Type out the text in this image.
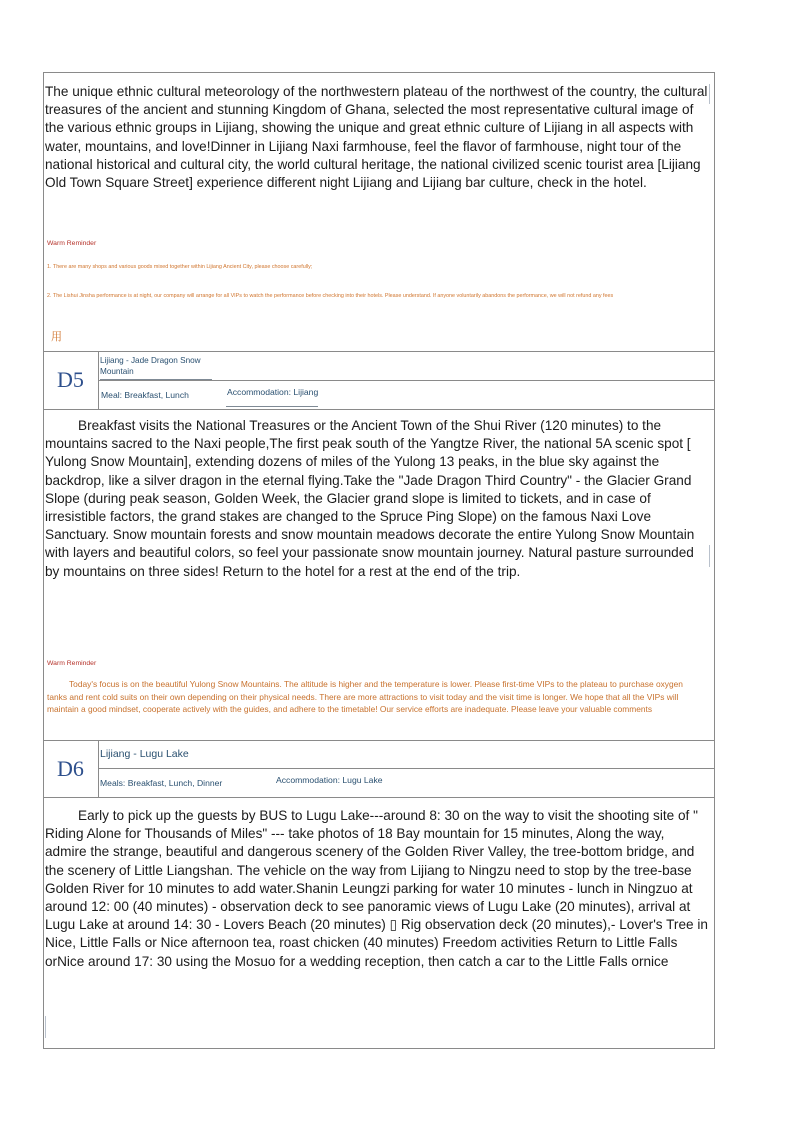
The unique ethnic cultural meteorology of the northwestern plateau of the northwest of the country, the cultural treasures of the ancient and stunning Kingdom of Ghana, selected the most representative cultural image of the various ethnic groups in Lijiang, showing the unique and great ethnic culture of Lijiang in all aspects with water, mountains, and love!Dinner in Lijiang Naxi farmhouse, feel the flavor of farmhouse, night tour of the national historical and cultural city, the world cultural heritage, the national civilized scenic tourist area [Lijiang Old Town Square Street] experience different night Lijiang and Lijiang bar culture, check in the hotel.
Warm Reminder
1. There are many shops and various goods mixed together within Lijiang Ancient City, please choose carefully;
2. The Lishui Jinsha performance is at night, our company will arrange for all VIPs to watch the performance before checking into their hotels. Please understand. If anyone voluntarily abandons the performance, we will not refund any fees
用
D5
Lijiang - Jade Dragon Snow Mountain
Meal: Breakfast, Lunch	Accommodation: Lijiang
Breakfast visits the National Treasures or the Ancient Town of the Shui River (120 minutes) to the mountains sacred to the Naxi people,The first peak south of the Yangtze River, the national 5A scenic spot [ Yulong Snow Mountain], extending dozens of miles of the Yulong 13 peaks, in the blue sky against the backdrop, like a silver dragon in the eternal flying.Take the "Jade Dragon Third Country" - the Glacier Grand Slope (during peak season, Golden Week, the Glacier grand slope is limited to tickets, and in case of irresistible factors, the grand stakes are changed to the Spruce Ping Slope) on the famous Naxi Love Sanctuary. Snow mountain forests and snow mountain meadows decorate the entire Yulong Snow Mountain with layers and beautiful colors, so feel your passionate snow mountain journey. Natural pasture surrounded by mountains on three sides! Return to the hotel for a rest at the end of the trip.
Warm Reminder
Today's focus is on the beautiful Yulong Snow Mountains. The altitude is higher and the temperature is lower. Please first-time VIPs to the plateau to purchase oxygen tanks and rent cold suits on their own depending on their physical needs. There are more attractions to visit today and the visit time is longer. We hope that all the VIPs will maintain a good mindset, cooperate actively with the guides, and adhere to the timetable! Our service efforts are inadequate. Please leave your valuable comments
D6
Lijiang - Lugu Lake
Meals: Breakfast, Lunch, Dinner	Accommodation: Lugu Lake
Early to pick up the guests by BUS to Lugu Lake---around 8: 30 on the way to visit the shooting site of " Riding Alone for Thousands of Miles" --- take photos of 18 Bay mountain for 15 minutes, Along the way, admire the strange, beautiful and dangerous scenery of the Golden River Valley, the tree-bottom bridge, and the scenery of Little Liangshan. The vehicle on the way from Lijiang to Ningzu need to stop by the tree-base Golden River for 10 minutes to add water.Shanin Leungzi parking for water 10 minutes - lunch in Ningzuo at around 12: 00 (40 minutes) - observation deck to see panoramic views of Lugu Lake (20 minutes), arrival at Lugu Lake at around 14: 30 - Lovers Beach (20 minutes) ▯ Rig observation deck (20 minutes),- Lover's Tree in Nice, Little Falls or Nice afternoon tea, roast chicken (40 minutes) Freedom activities Return to Little Falls orNice around 17: 30 using the Mosuo for a wedding reception, then catch a car to the Little Falls ornice
